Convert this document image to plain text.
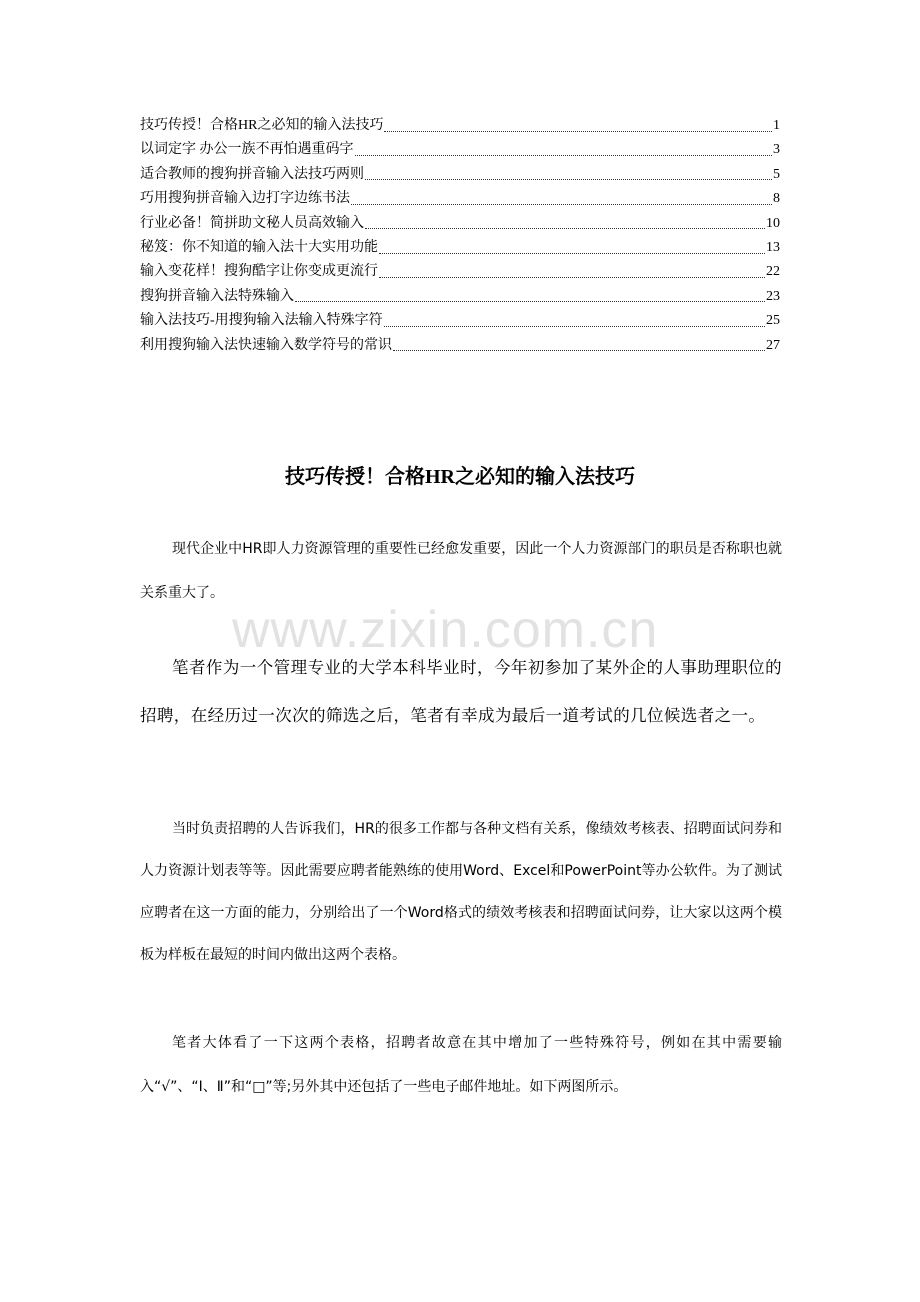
技巧传授！合格HR之必知的输入法技巧	1
以词定字 办公一族不再怕遇重码字	3
适合教师的搜狗拼音输入法技巧两则	5
巧用搜狗拼音输入边打字边练书法	8
行业必备！简拼助文秘人员高效输入	10
秘笈：你不知道的输入法十大实用功能	13
输入变花样！搜狗酷字让你变成更流行	22
搜狗拼音输入法特殊输入	23
输入法技巧-用搜狗输入法输入特殊字符	25
利用搜狗输入法快速输入数学符号的常识	27
技巧传授！合格HR之必知的输入法技巧
www.zixin.com.cn

现代企业中HR即人力资源管理的重要性已经愈发重要，因此一个人力资源部门的职员是否称职也就关系重大了。

笔者作为一个管理专业的大学本科毕业时，今年初参加了某外企的人事助理职位的招聘，在经历过一次次的筛选之后，笔者有幸成为最后一道考试的几位候选者之一。

当时负责招聘的人告诉我们，HR的很多工作都与各种文档有关系，像绩效考核表、招聘面试问券和人力资源计划表等等。因此需要应聘者能熟练的使用Word、Excel和PowerPoint等办公软件。为了测试应聘者在这一方面的能力，分别给出了一个Word格式的绩效考核表和招聘面试问券，让大家以这两个模板为样板在最短的时间内做出这两个表格。

笔者大体看了一下这两个表格，招聘者故意在其中增加了一些特殊符号，例如在其中需要输入“√”、“Ⅰ、Ⅱ”和“□”等;另外其中还包括了一些电子邮件地址。如下两图所示。
